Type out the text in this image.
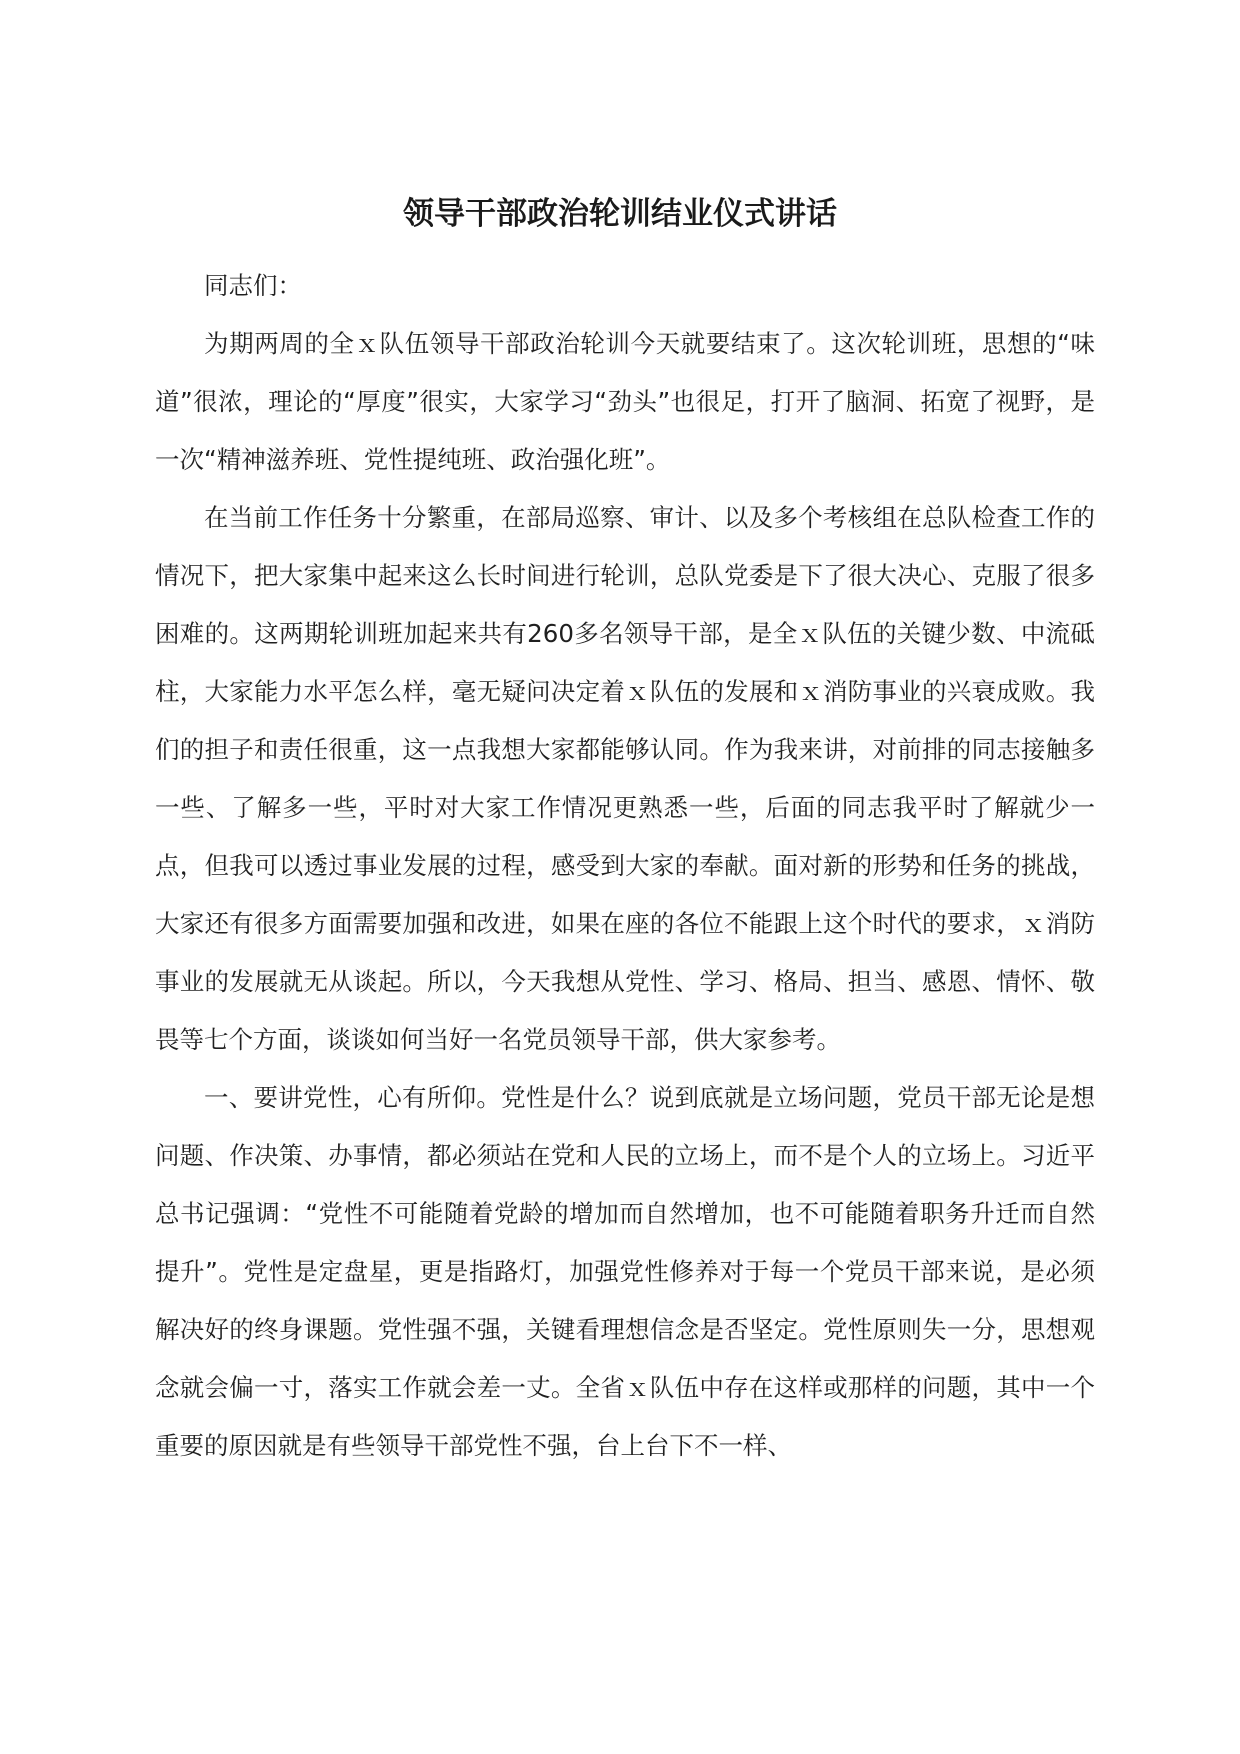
领导干部政治轮训结业仪式讲话

同志们：

为期两周的全ｘ队伍领导干部政治轮训今天就要结束了。这次轮训班，思想的“味道”很浓，理论的“厚度”很实，大家学习“劲头”也很足，打开了脑洞、拓宽了视野，是一次“精神滋养班、党性提纯班、政治强化班”。

在当前工作任务十分繁重，在部局巡察、审计、以及多个考核组在总队检查工作的情况下，把大家集中起来这么长时间进行轮训，总队党委是下了很大决心、克服了很多困难的。这两期轮训班加起来共有260多名领导干部，是全ｘ队伍的关键少数、中流砥柱，大家能力水平怎么样，毫无疑问决定着ｘ队伍的发展和ｘ消防事业的兴衰成败。我们的担子和责任很重，这一点我想大家都能够认同。作为我来讲，对前排的同志接触多一些、了解多一些，平时对大家工作情况更熟悉一些，后面的同志我平时了解就少一点，但我可以透过事业发展的过程，感受到大家的奉献。面对新的形势和任务的挑战，大家还有很多方面需要加强和改进，如果在座的各位不能跟上这个时代的要求，ｘ消防事业的发展就无从谈起。所以，今天我想从党性、学习、格局、担当、感恩、情怀、敬畏等七个方面，谈谈如何当好一名党员领导干部，供大家参考。

一、要讲党性，心有所仰。党性是什么？说到底就是立场问题，党员干部无论是想问题、作决策、办事情，都必须站在党和人民的立场上，而不是个人的立场上。习近平总书记强调：“党性不可能随着党龄的增加而自然增加，也不可能随着职务升迁而自然提升”。党性是定盘星，更是指路灯，加强党性修养对于每一个党员干部来说，是必须解决好的终身课题。党性强不强，关键看理想信念是否坚定。党性原则失一分，思想观念就会偏一寸，落实工作就会差一丈。全省ｘ队伍中存在这样或那样的问题，其中一个重要的原因就是有些领导干部党性不强，台上台下不一样、
